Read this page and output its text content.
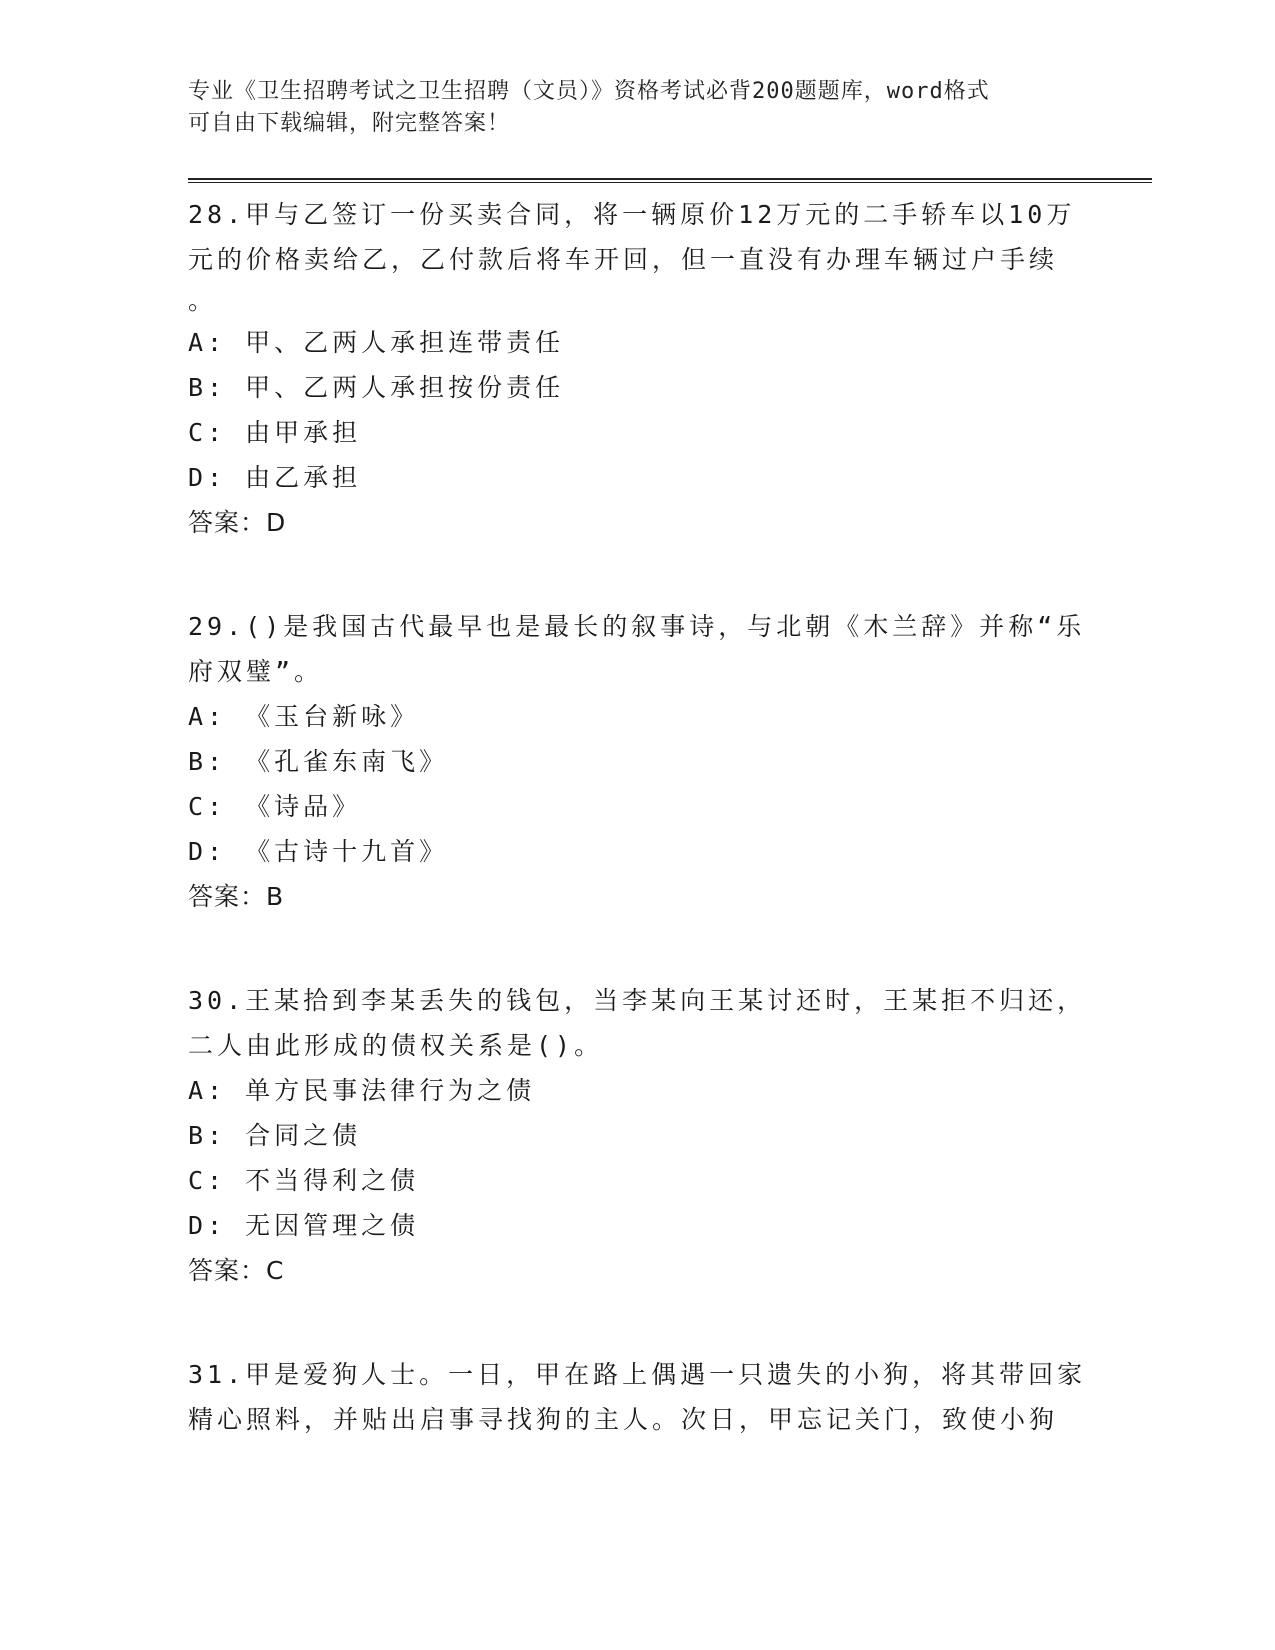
专业《卫生招聘考试之卫生招聘（文员）》资格考试必背200题题库，word格式
可自由下载编辑，附完整答案！

28.甲与乙签订一份买卖合同，将一辆原价12万元的二手轿车以10万

元的价格卖给乙，乙付款后将车开回，但一直没有办理车辆过户手续

。

A: 甲、乙两人承担连带责任

B: 甲、乙两人承担按份责任

C: 由甲承担

D: 由乙承担

答案：D

29.()是我国古代最早也是最长的叙事诗，与北朝《木兰辞》并称“乐

府双璧”。

A: 《玉台新咏》

B: 《孔雀东南飞》

C: 《诗品》

D: 《古诗十九首》

答案：B

30.王某拾到李某丢失的钱包，当李某向王某讨还时，王某拒不归还，

二人由此形成的债权关系是()。

A: 单方民事法律行为之债

B: 合同之债

C: 不当得利之债

D: 无因管理之债

答案：C

31.甲是爱狗人士。一日，甲在路上偶遇一只遗失的小狗，将其带回家

精心照料，并贴出启事寻找狗的主人。次日，甲忘记关门，致使小狗
